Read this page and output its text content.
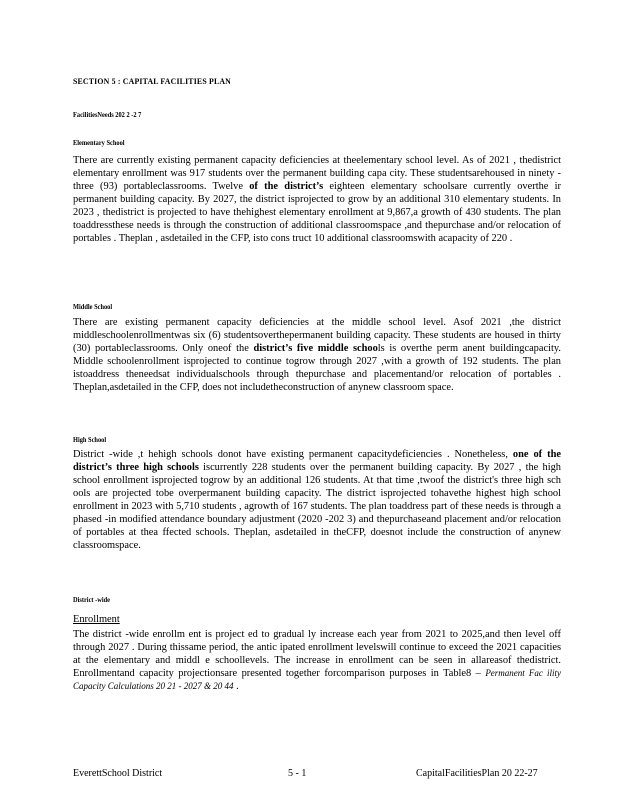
SECTION 5 : CAPITAL FACILITIES PLAN
FacilitiesNeeds 202 2 -2 7
Elementary School

There are currently existing permanent capacity deficiencies at theelementary school level. As of 2021 , thedistrict elementary enrollment was 917 students over the permanent building capa city. These studentsarehoused in ninety -three (93) portableclassrooms. Twelve of the district’s eighteen elementary schoolsare currently overthe ir permanent building capacity. By 2027, the district isprojected to grow by an additional 310 elementary students. In 2023 , thedistrict is projected to have thehighest elementary enrollment at 9,867,a growth of 430 students. The plan toaddressthese needs is through the construction of additional classroomspace ,and thepurchase and/or relocation of portables . Theplan , asdetailed in the CFP, isto cons truct 10 additional classroomswith acapacity of 220 .

Middle School

There are existing permanent capacity deficiencies at the middle school level. Asof 2021 ,the district middleschoolenrollmentwas six (6) studentsoverthepermanent building capacity. These students are housed in thirty (30) portableclassrooms. Only oneof the district’s five middle schools is overthe perm anent buildingcapacity. Middle schoolenrollment isprojected to continue togrow through 2027 ,with a growth of 192 students. The plan istoaddress theneedsat individualschools through thepurchase and placementand/or relocation of portables . Theplan,asdetailed in the CFP, does not includetheconstruction of anynew classroom space.

High School

District -wide ,t hehigh schools donot have existing permanent capacitydeficiencies . Nonetheless, one of the district’s three high schools iscurrently 228 students over the permanent building capacity. By 2027 , the high school enrollment isprojected togrow by an additional 126 students. At that time ,twoof the district's three high sch ools are projected tobe overpermanent building capacity. The district isprojected tohavethe highest high school enrollment in 2023 with 5,710 students , agrowth of 167 students. The plan toaddress part of these needs is through a phased -in modified attendance boundary adjustment (2020 -202 3) and thepurchaseand placement and/or relocation of portables at thea ffected schools. Theplan, asdetailed in theCFP, doesnot include the construction of anynew classroomspace.

District -wide
Enrollment

The district -wide enrollm ent is project ed to gradual ly increase each year from 2021 to 2025,and then level off through 2027 . During thissame period, the antic ipated enrollment levelswill continue to exceed the 2021 capacities at the elementary and middl e schoollevels. The increase in enrollment can be seen in allareasof thedistrict. Enrollmentand capacity projectionsare presented together forcomparison purposes in Table8 – Permanent Fac ility Capacity Calculations 20 21 - 2027 & 20 44 .

EverettSchool District	5 - 1	CapitalFacilitiesPlan 20 22-27
